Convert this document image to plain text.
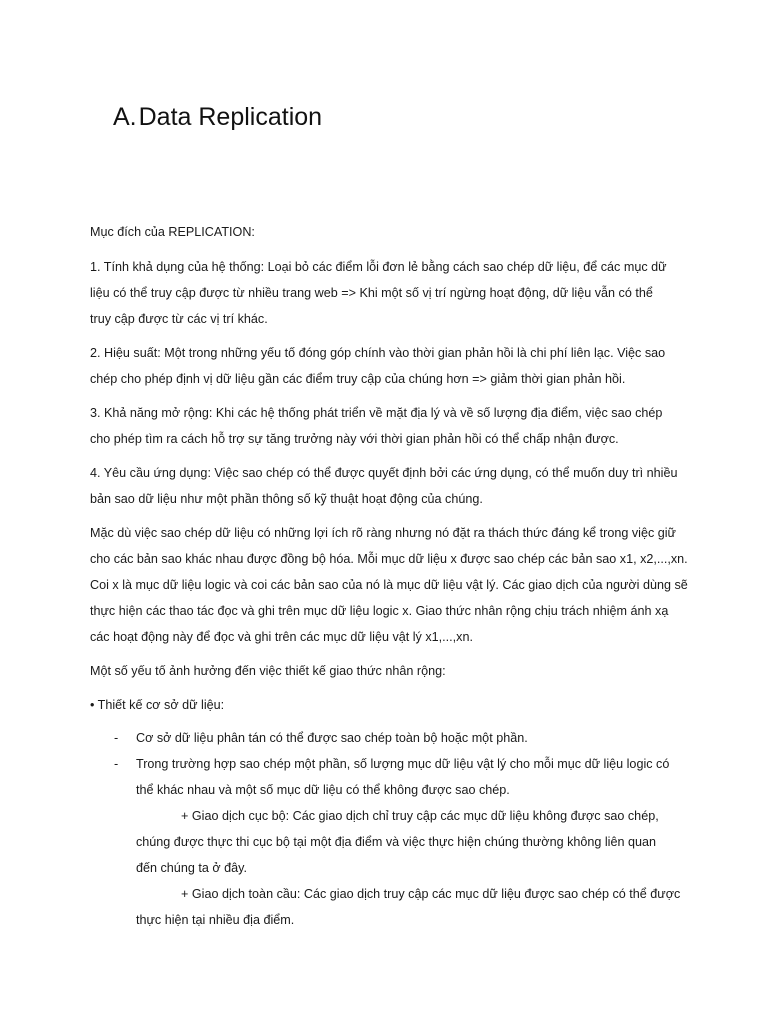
A.Data Replication
Mục đích của REPLICATION:
1. Tính khả dụng của hệ thống: Loại bỏ các điểm lỗi đơn lẻ bằng cách sao chép dữ liệu, để các mục dữ
liệu có thể truy cập được từ nhiều trang web => Khi một số vị trí ngừng hoạt động, dữ liệu vẫn có thể
truy cập được từ các vị trí khác.
2. Hiệu suất: Một trong những yếu tố đóng góp chính vào thời gian phản hồi là chi phí liên lạc. Việc sao
chép cho phép định vị dữ liệu gần các điểm truy cập của chúng hơn => giảm thời gian phản hồi.
3. Khả năng mở rộng: Khi các hệ thống phát triển về mặt địa lý và về số lượng địa điểm, việc sao chép
cho phép tìm ra cách hỗ trợ sự tăng trưởng này với thời gian phản hồi có thể chấp nhận được.
4. Yêu cầu ứng dụng: Việc sao chép có thể được quyết định bởi các ứng dụng, có thể muốn duy trì nhiều
bản sao dữ liệu như một phần thông số kỹ thuật hoạt động của chúng.
Mặc dù việc sao chép dữ liệu có những lợi ích rõ ràng nhưng nó đặt ra thách thức đáng kể trong việc giữ
cho các bản sao khác nhau được đồng bộ hóa. Mỗi mục dữ liệu x được sao chép các bản sao x1, x2,...,xn.
Coi x là mục dữ liệu logic và coi các bản sao của nó là mục dữ liệu vật lý. Các giao dịch của người dùng sẽ
thực hiện các thao tác đọc và ghi trên mục dữ liệu logic x. Giao thức nhân rộng chịu trách nhiệm ánh xạ
các hoạt động này để đọc và ghi trên các mục dữ liệu vật lý x1,...,xn.
Một số yếu tố ảnh hưởng đến việc thiết kế giao thức nhân rộng:
• Thiết kế cơ sở dữ liệu:
- Cơ sở dữ liệu phân tán có thể được sao chép toàn bộ hoặc một phần.
- Trong trường hợp sao chép một phần, số lượng mục dữ liệu vật lý cho mỗi mục dữ liệu logic có
thể khác nhau và một số mục dữ liệu có thể không được sao chép.
+ Giao dịch cục bộ: Các giao dịch chỉ truy cập các mục dữ liệu không được sao chép,
chúng được thực thi cục bộ tại một địa điểm và việc thực hiện chúng thường không liên quan
đến chúng ta ở đây.
+ Giao dịch toàn cầu: Các giao dịch truy cập các mục dữ liệu được sao chép có thể được
thực hiện tại nhiều địa điểm.
